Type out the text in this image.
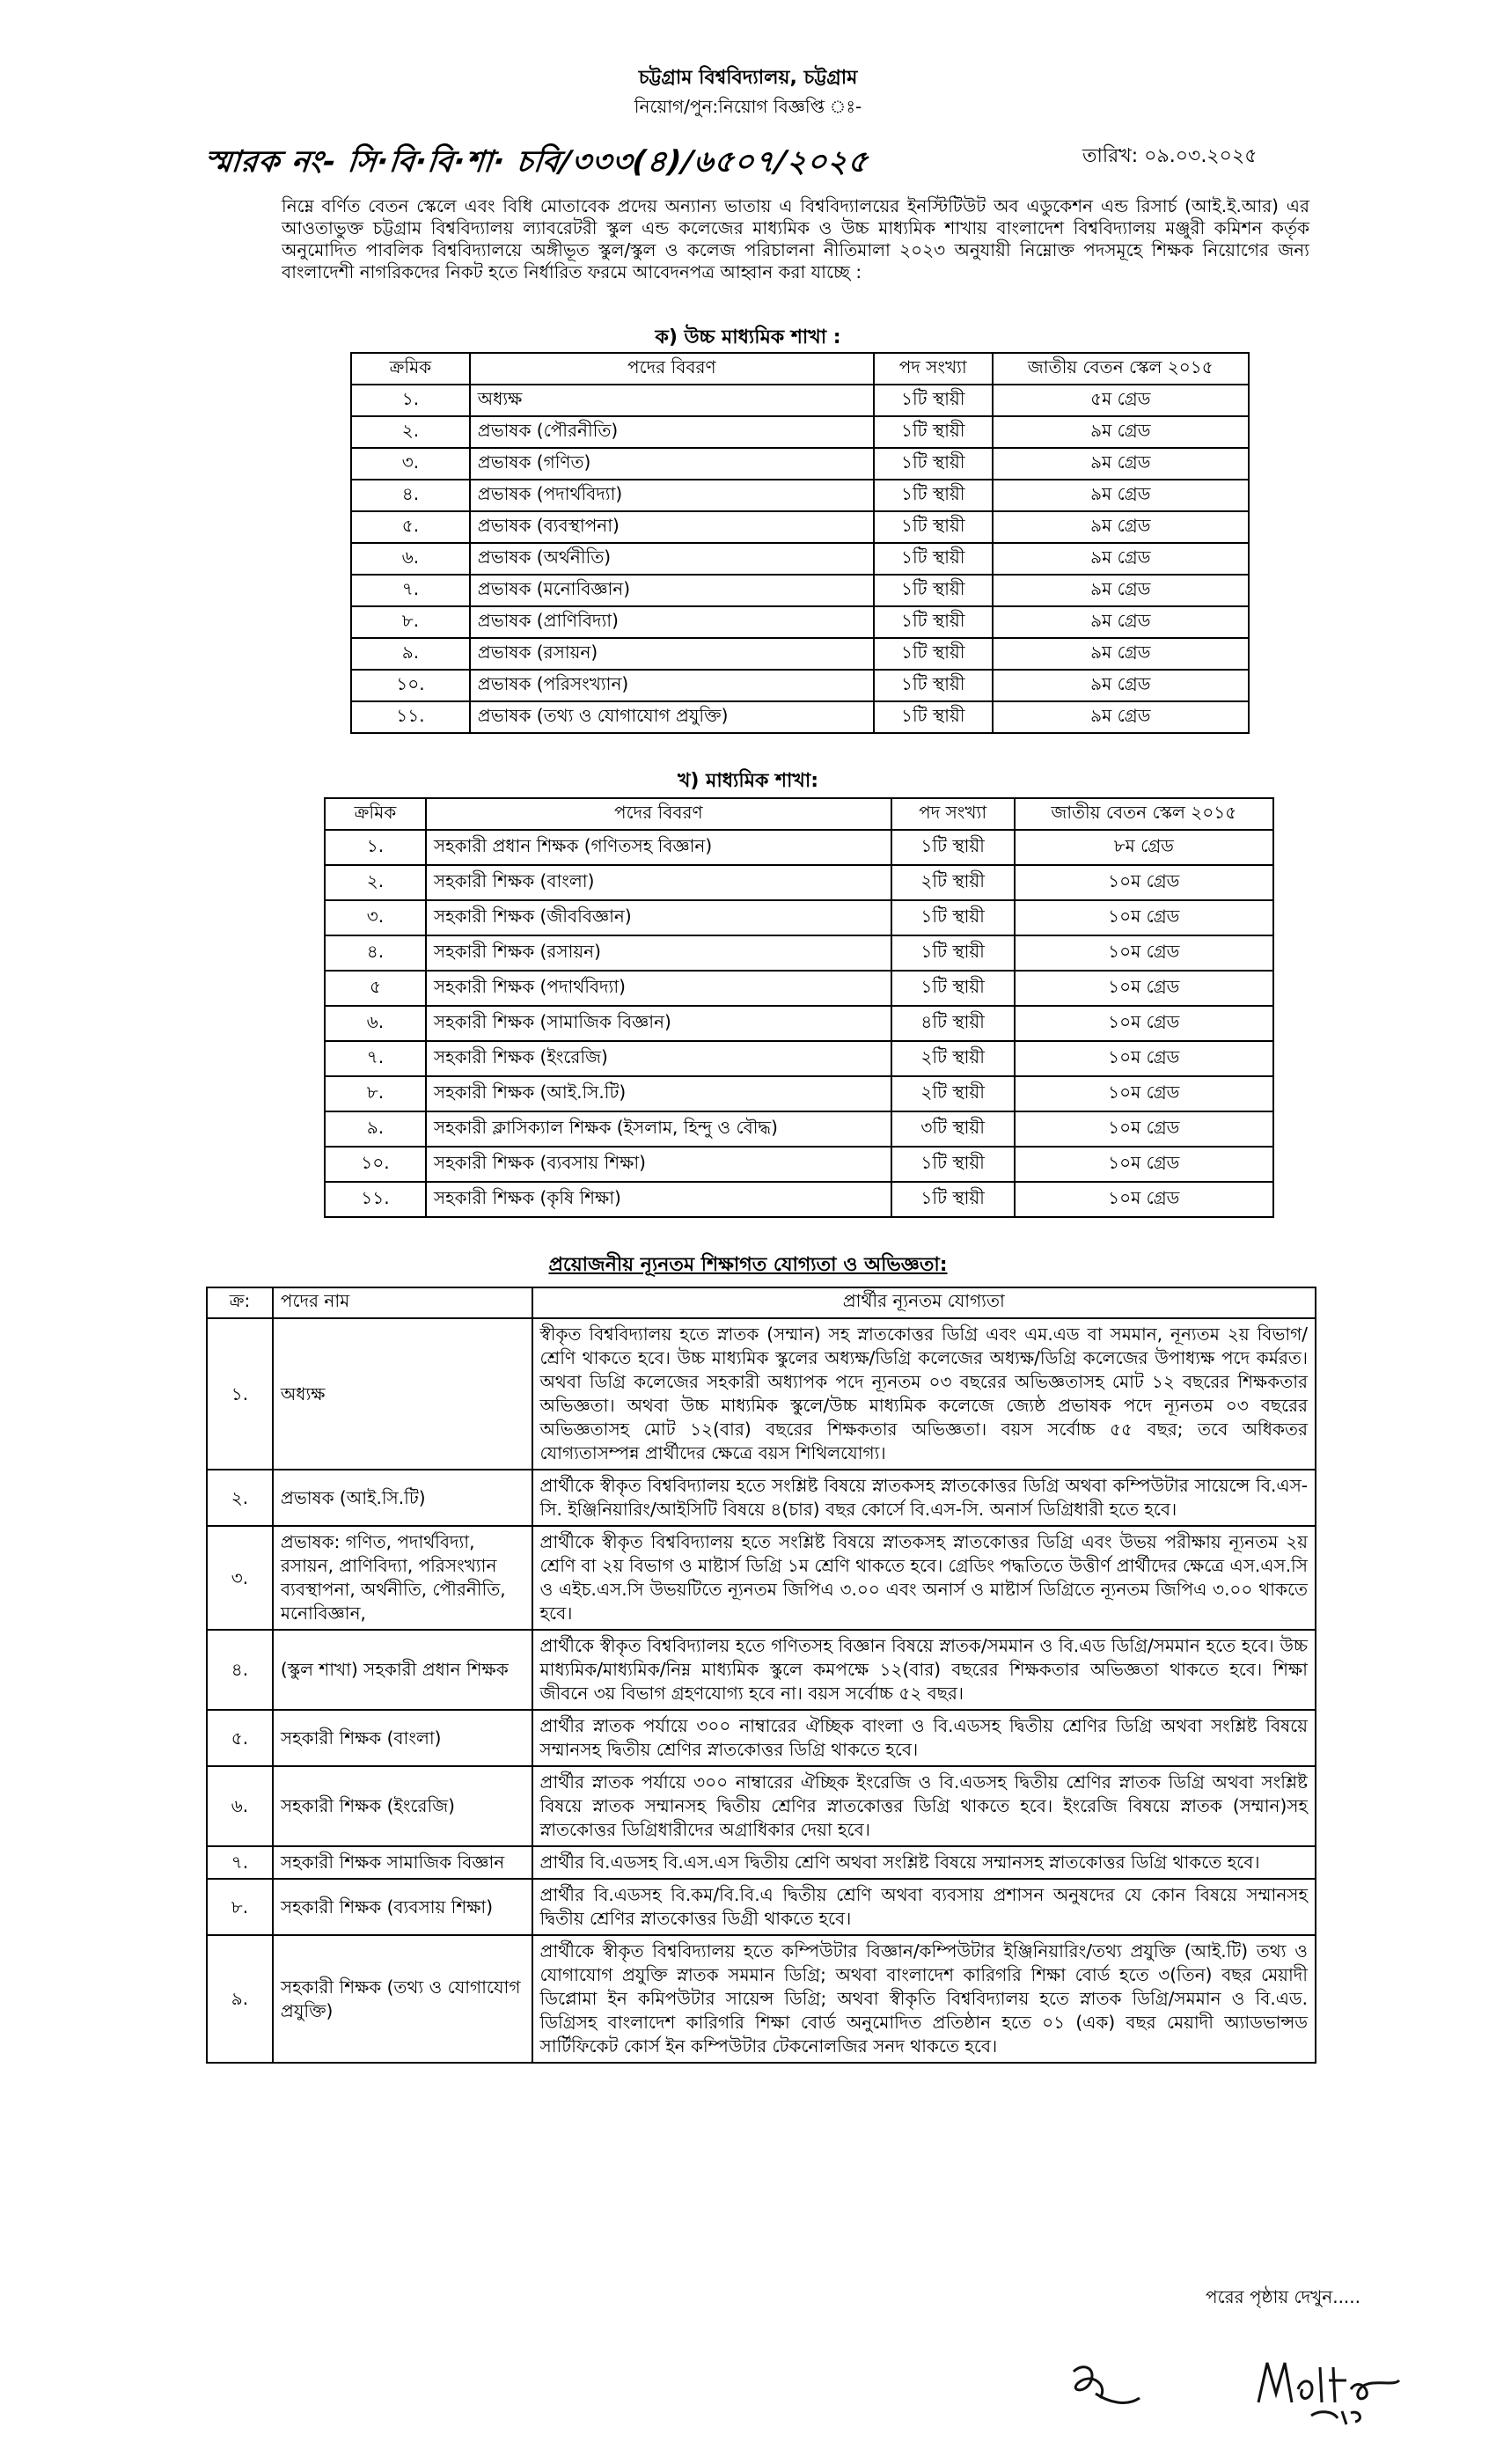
চট্টগ্রাম বিশ্ববিদ্যালয়, চট্টগ্রাম
নিয়োগ/পুন:নিয়োগ বিজ্ঞপ্তি ঃ-
স্মারক নং- সি·বি·বি·শা· চবি/৩৩৩(৪)/৬৫০৭/২০২৫	তারিখ: ০৯.০৩.২০২৫
নিম্নে বর্ণিত বেতন স্কেলে এবং বিধি মোতাবেক প্রদেয় অন্যান্য ভাতায় এ বিশ্ববিদ্যালয়ের ইনস্টিটিউট অব এডুকেশন এন্ড রিসার্চ (আই.ই.আর) এর আওতাভুক্ত চট্টগ্রাম বিশ্ববিদ্যালয় ল্যাবরেটরী স্কুল এন্ড কলেজের মাধ্যমিক ও উচ্চ মাধ্যমিক শাখায় বাংলাদেশ বিশ্ববিদ্যালয় মঞ্জুরী কমিশন কর্তৃক অনুমোদিত পাবলিক বিশ্ববিদ্যালয়ে অঙ্গীভূত স্কুল/স্কুল ও কলেজ পরিচালনা নীতিমালা ২০২৩ অনুযায়ী নিম্নোক্ত পদসমূহে শিক্ষক নিয়োগের জন্য বাংলাদেশী নাগরিকদের নিকট হতে নির্ধারিত ফরমে আবেদনপত্র আহ্বান করা যাচ্ছে :
ক) উচ্চ মাধ্যমিক শাখা :
ক্রমিক	পদের বিবরণ	পদ সংখ্যা	জাতীয় বেতন স্কেল ২০১৫
১.	অধ্যক্ষ	১টি স্থায়ী	৫ম গ্রেড
২.	প্রভাষক (পৌরনীতি)	১টি স্থায়ী	৯ম গ্রেড
৩.	প্রভাষক (গণিত)	১টি স্থায়ী	৯ম গ্রেড
৪.	প্রভাষক (পদার্থবিদ্যা)	১টি স্থায়ী	৯ম গ্রেড
৫.	প্রভাষক (ব্যবস্থাপনা)	১টি স্থায়ী	৯ম গ্রেড
৬.	প্রভাষক (অর্থনীতি)	১টি স্থায়ী	৯ম গ্রেড
৭.	প্রভাষক (মনোবিজ্ঞান)	১টি স্থায়ী	৯ম গ্রেড
৮.	প্রভাষক (প্রাণিবিদ্যা)	১টি স্থায়ী	৯ম গ্রেড
৯.	প্রভাষক (রসায়ন)	১টি স্থায়ী	৯ম গ্রেড
১০.	প্রভাষক (পরিসংখ্যান)	১টি স্থায়ী	৯ম গ্রেড
১১.	প্রভাষক (তথ্য ও যোগাযোগ প্রযুক্তি)	১টি স্থায়ী	৯ম গ্রেড
খ) মাধ্যমিক শাখা:
ক্রমিক	পদের বিবরণ	পদ সংখ্যা	জাতীয় বেতন স্কেল ২০১৫
১.	সহকারী প্রধান শিক্ষক (গণিতসহ বিজ্ঞান)	১টি স্থায়ী	৮ম গ্রেড
২.	সহকারী শিক্ষক (বাংলা)	২টি স্থায়ী	১০ম গ্রেড
৩.	সহকারী শিক্ষক (জীববিজ্ঞান)	১টি স্থায়ী	১০ম গ্রেড
৪.	সহকারী শিক্ষক (রসায়ন)	১টি স্থায়ী	১০ম গ্রেড
৫	সহকারী শিক্ষক (পদার্থবিদ্যা)	১টি স্থায়ী	১০ম গ্রেড
৬.	সহকারী শিক্ষক (সামাজিক বিজ্ঞান)	৪টি স্থায়ী	১০ম গ্রেড
৭.	সহকারী শিক্ষক (ইংরেজি)	২টি স্থায়ী	১০ম গ্রেড
৮.	সহকারী শিক্ষক (আই.সি.টি)	২টি স্থায়ী	১০ম গ্রেড
৯.	সহকারী ক্লাসিক্যাল শিক্ষক (ইসলাম, হিন্দু ও বৌদ্ধ)	৩টি স্থায়ী	১০ম গ্রেড
১০.	সহকারী শিক্ষক (ব্যবসায় শিক্ষা)	১টি স্থায়ী	১০ম গ্রেড
১১.	সহকারী শিক্ষক (কৃষি শিক্ষা)	১টি স্থায়ী	১০ম গ্রেড
প্রয়োজনীয় ন্যূনতম শিক্ষাগত যোগ্যতা ও অভিজ্ঞতা:
ক্র:	পদের নাম	প্রার্থীর ন্যূনতম যোগ্যতা
১.	অধ্যক্ষ	স্বীকৃত বিশ্ববিদ্যালয় হতে স্নাতক (সম্মান) সহ স্নাতকোত্তর ডিগ্রি এবং এম.এড বা সমমান, নূন্যতম ২য় বিভাগ/শ্রেণি থাকতে হবে। উচ্চ মাধ্যমিক স্কুলের অধ্যক্ষ/ডিগ্রি কলেজের অধ্যক্ষ/ডিগ্রি কলেজের উপাধ্যক্ষ পদে কর্মরত। অথবা ডিগ্রি কলেজের সহকারী অধ্যাপক পদে ন্যূনতম ০৩ বছরের অভিজ্ঞতাসহ মোট ১২ বছরের শিক্ষকতার অভিজ্ঞতা। অথবা উচ্চ মাধ্যমিক স্কুলে/উচ্চ মাধ্যমিক কলেজে জ্যেষ্ঠ প্রভাষক পদে ন্যূনতম ০৩ বছরের অভিজ্ঞতাসহ মোট ১২(বার) বছরের শিক্ষকতার অভিজ্ঞতা। বয়স সর্বোচ্চ ৫৫ বছর; তবে অধিকতর যোগ্যতাসম্পন্ন প্রার্থীদের ক্ষেত্রে বয়স শিথিলযোগ্য।
২.	প্রভাষক (আই.সি.টি)	প্রার্থীকে স্বীকৃত বিশ্ববিদ্যালয় হতে সংশ্লিষ্ট বিষয়ে স্নাতকসহ স্নাতকোত্তর ডিগ্রি অথবা কম্পিউটার সায়েন্সে বি.এস-সি. ইঞ্জিনিয়ারিং/আইসিটি বিষয়ে ৪(চার) বছর কোর্সে বি.এস-সি. অনার্স ডিগ্রিধারী হতে হবে।
৩.	প্রভাষক: গণিত, পদার্থবিদ্যা, রসায়ন, প্রাণিবিদ্যা, পরিসংখ্যান ব্যবস্থাপনা, অর্থনীতি, পৌরনীতি, মনোবিজ্ঞান,	প্রার্থীকে স্বীকৃত বিশ্ববিদ্যালয় হতে সংশ্লিষ্ট বিষয়ে স্নাতকসহ স্নাতকোত্তর ডিগ্রি এবং উভয় পরীক্ষায় ন্যূনতম ২য় শ্রেণি বা ২য় বিভাগ ও মাষ্টার্স ডিগ্রি ১ম শ্রেণি থাকতে হবে। গ্রেডিং পদ্ধতিতে উত্তীর্ণ প্রার্থীদের ক্ষেত্রে এস.এস.সি ও এইচ.এস.সি উভয়টিতে ন্যূনতম জিপিএ ৩.০০ এবং অনার্স ও মাষ্টার্স ডিগ্রিতে ন্যূনতম জিপিএ ৩.০০ থাকতে হবে।
৪.	(স্কুল শাখা) সহকারী প্রধান শিক্ষক	প্রার্থীকে স্বীকৃত বিশ্ববিদ্যালয় হতে গণিতসহ বিজ্ঞান বিষয়ে স্নাতক/সমমান ও বি.এড ডিগ্রি/সমমান হতে হবে। উচ্চ মাধ্যমিক/মাধ্যমিক/নিম্ন মাধ্যমিক স্কুলে কমপক্ষে ১২(বার) বছরের শিক্ষকতার অভিজ্ঞতা থাকতে হবে। শিক্ষা জীবনে ৩য় বিভাগ গ্রহণযোগ্য হবে না। বয়স সর্বোচ্চ ৫২ বছর।
৫.	সহকারী শিক্ষক (বাংলা)	প্রার্থীর স্নাতক পর্যায়ে ৩০০ নাম্বারের ঐচ্ছিক বাংলা ও বি.এডসহ দ্বিতীয় শ্রেণির ডিগ্রি অথবা সংশ্লিষ্ট বিষয়ে সম্মানসহ দ্বিতীয় শ্রেণির স্নাতকোত্তর ডিগ্রি থাকতে হবে।
৬.	সহকারী শিক্ষক (ইংরেজি)	প্রার্থীর স্নাতক পর্যায়ে ৩০০ নাম্বারের ঐচ্ছিক ইংরেজি ও বি.এডসহ দ্বিতীয় শ্রেণির স্নাতক ডিগ্রি অথবা সংশ্লিষ্ট বিষয়ে স্নাতক সম্মানসহ দ্বিতীয় শ্রেণির স্নাতকোত্তর ডিগ্রি থাকতে হবে। ইংরেজি বিষয়ে স্নাতক (সম্মান)সহ স্নাতকোত্তর ডিগ্রিধারীদের অগ্রাধিকার দেয়া হবে।
৭.	সহকারী শিক্ষক সামাজিক বিজ্ঞান	প্রার্থীর বি.এডসহ বি.এস.এস দ্বিতীয় শ্রেণি অথবা সংশ্লিষ্ট বিষয়ে সম্মানসহ স্নাতকোত্তর ডিগ্রি থাকতে হবে।
৮.	সহকারী শিক্ষক (ব্যবসায় শিক্ষা)	প্রার্থীর বি.এডসহ বি.কম/বি.বি.এ দ্বিতীয় শ্রেণি অথবা ব্যবসায় প্রশাসন অনুষদের যে কোন বিষয়ে সম্মানসহ দ্বিতীয় শ্রেণির স্নাতকোত্তর ডিগ্রী থাকতে হবে।
৯.	সহকারী শিক্ষক (তথ্য ও যোগাযোগ প্রযুক্তি)	প্রার্থীকে স্বীকৃত বিশ্ববিদ্যালয় হতে কম্পিউটার বিজ্ঞান/কম্পিউটার ইঞ্জিনিয়ারিং/তথ্য প্রযুক্তি (আই.টি) তথ্য ও যোগাযোগ প্রযুক্তি স্নাতক সমমান ডিগ্রি; অথবা বাংলাদেশ কারিগরি শিক্ষা বোর্ড হতে ৩(তিন) বছর মেয়াদী ডিপ্লোমা ইন কমিপউটার সায়েন্স ডিগ্রি; অথবা স্বীকৃতি বিশ্ববিদ্যালয় হতে স্নাতক ডিগ্রি/সমমান ও বি.এড. ডিগ্রিসহ বাংলাদেশ কারিগরি শিক্ষা বোর্ড অনুমোদিত প্রতিষ্ঠান হতে ০১ (এক) বছর মেয়াদী অ্যাডভান্সড সার্টিফিকেট কোর্স ইন কম্পিউটার টেকনোলজির সনদ থাকতে হবে।
পরের পৃষ্ঠায় দেখুন.....
